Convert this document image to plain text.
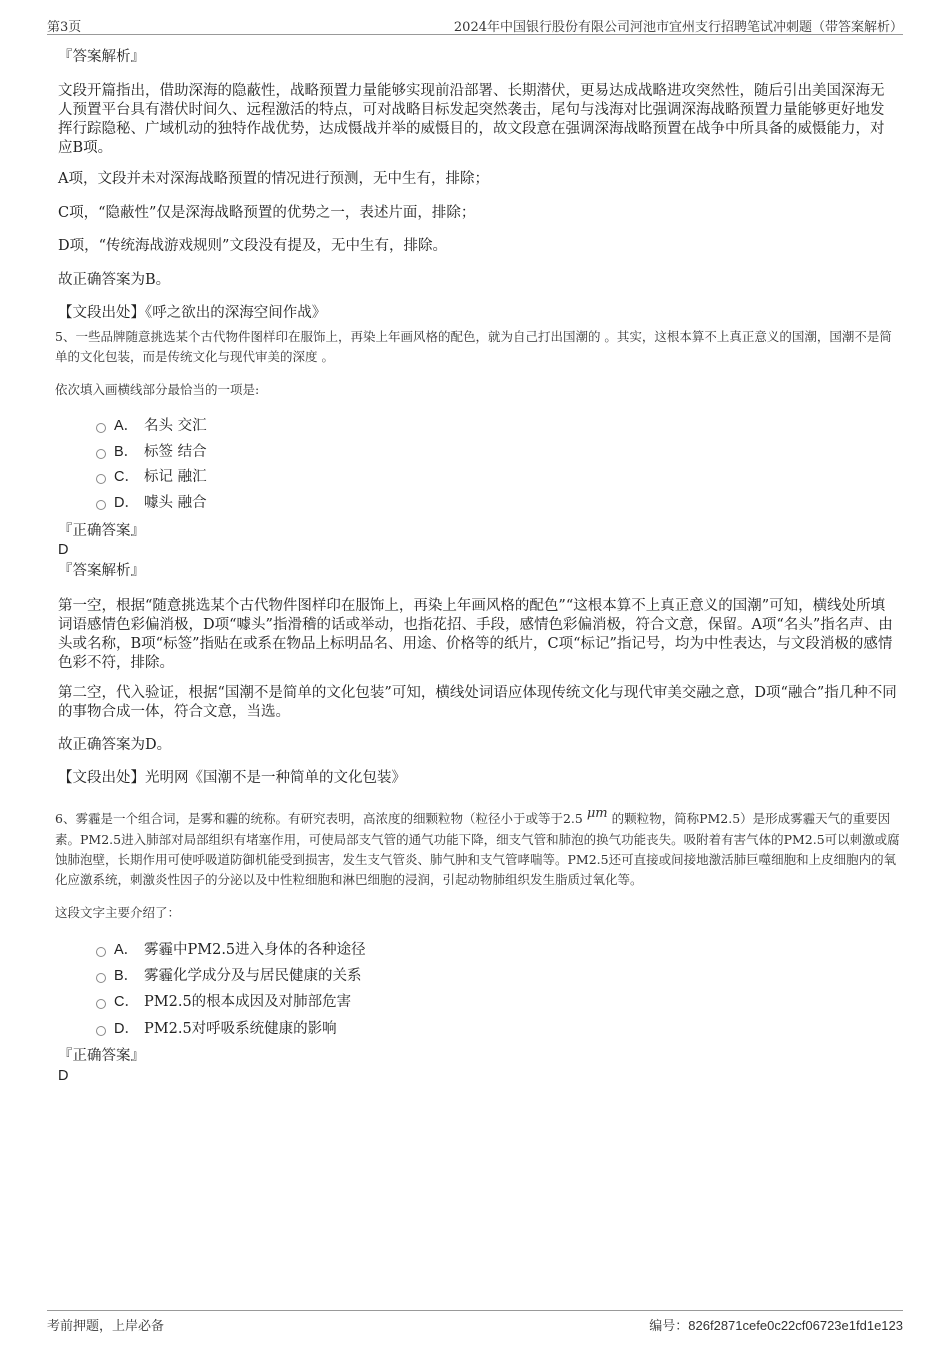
第3页	2024年中国银行股份有限公司河池市宜州支行招聘笔试冲刺题（带答案解析）
『答案解析』
文段开篇指出，借助深海的隐蔽性，战略预置力量能够实现前沿部署、长期潜伏，更易达成战略进攻突然性，随后引出美国深海无人预置平台具有潜伏时间久、远程激活的特点，可对战略目标发起突然袭击，尾句与浅海对比强调深海战略预置力量能够更好地发挥行踪隐秘、广域机动的独特作战优势，达成慑战并举的威慑目的，故文段意在强调深海战略预置在战争中所具备的威慑能力，对应B项。
A项，文段并未对深海战略预置的情况进行预测，无中生有，排除；
C项，“隐蔽性”仅是深海战略预置的优势之一，表述片面，排除；
D项，“传统海战游戏规则”文段没有提及，无中生有，排除。
故正确答案为B。
【文段出处】《呼之欲出的深海空间作战》
5、一些品牌随意挑选某个古代物件图样印在服饰上，再染上年画风格的配色，就为自己打出国潮的 。其实，这根本算不上真正意义的国潮，国潮不是简单的文化包装，而是传统文化与现代审美的深度 。
依次填入画横线部分最恰当的一项是:
A． 名头 交汇
B． 标签 结合
C． 标记 融汇
D． 噱头 融合
『正确答案』
D
『答案解析』
第一空，根据“随意挑选某个古代物件图样印在服饰上，再染上年画风格的配色”“这根本算不上真正意义的国潮”可知，横线处所填词语感情色彩偏消极，D项“噱头”指滑稽的话或举动，也指花招、手段，感情色彩偏消极，符合文意，保留。A项“名头”指名声、由头或名称，B项“标签”指贴在或系在物品上标明品名、用途、价格等的纸片，C项“标记”指记号，均为中性表达，与文段消极的感情色彩不符，排除。
第二空，代入验证，根据“国潮不是简单的文化包装”可知，横线处词语应体现传统文化与现代审美交融之意，D项“融合”指几种不同的事物合成一体，符合文意，当选。
故正确答案为D。
【文段出处】光明网《国潮不是一种简单的文化包装》
6、雾霾是一个组合词，是雾和霾的统称。有研究表明，高浓度的细颗粒物（粒径小于或等于2.5 μm 的颗粒物，简称PM2.5）是形成雾霾天气的重要因素。PM2.5进入肺部对局部组织有堵塞作用，可使局部支气管的通气功能下降，细支气管和肺泡的换气功能丧失。吸附着有害气体的PM2.5可以刺激或腐蚀肺泡壁，长期作用可使呼吸道防御机能受到损害，发生支气管炎、肺气肿和支气管哮喘等。PM2.5还可直接或间接地激活肺巨噬细胞和上皮细胞内的氧化应激系统，刺激炎性因子的分泌以及中性粒细胞和淋巴细胞的浸润，引起动物肺组织发生脂质过氧化等。
这段文字主要介绍了：
A． 雾霾中PM2.5进入身体的各种途径
B． 雾霾化学成分及与居民健康的关系
C． PM2.5的根本成因及对肺部危害
D． PM2.5对呼吸系统健康的影响
『正确答案』
D
考前押题，上岸必备	编号：826f2871cefe0c22cf06723e1fd1e123
